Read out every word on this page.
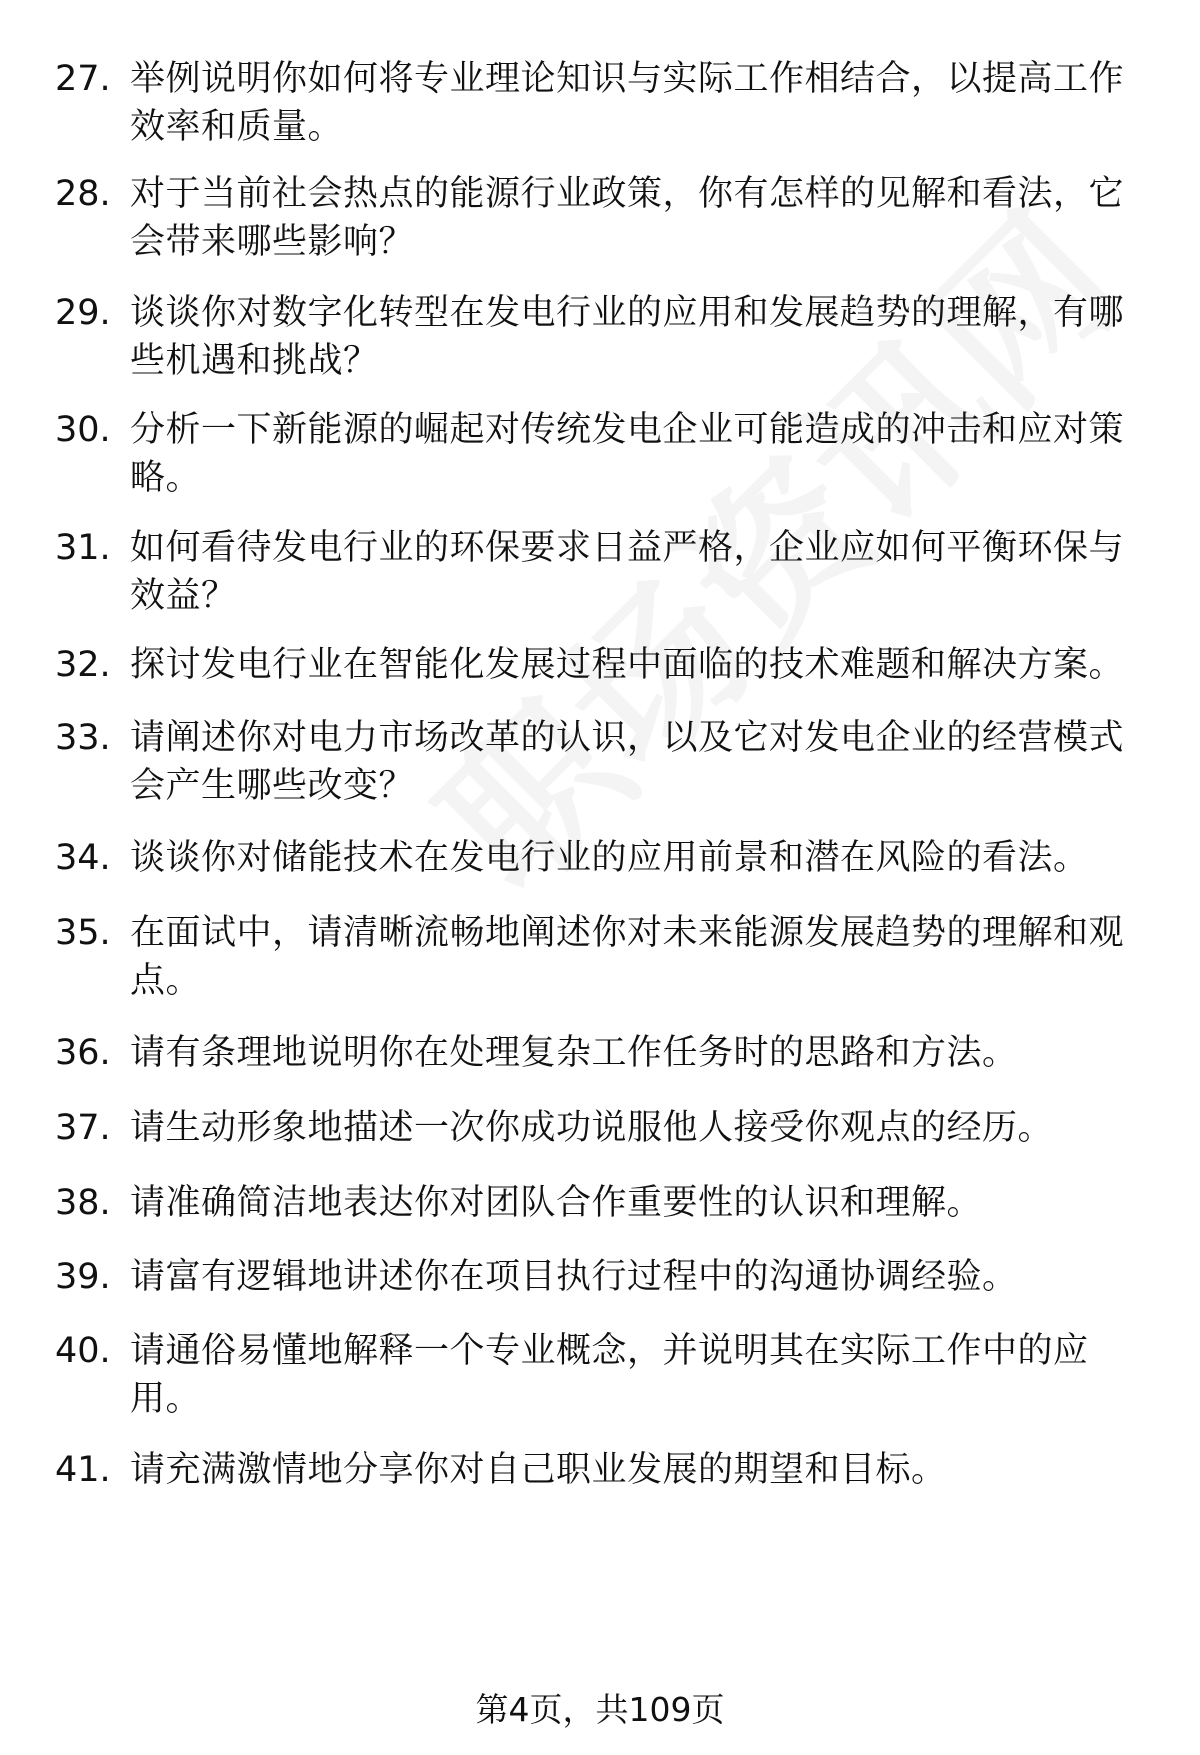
27. 举例说明你如何将专业理论知识与实际工作相结合，以提高工作效率和质量。
28. 对于当前社会热点的能源行业政策，你有怎样的见解和看法，它会带来哪些影响？
29. 谈谈你对数字化转型在发电行业的应用和发展趋势的理解，有哪些机遇和挑战？
30. 分析一下新能源的崛起对传统发电企业可能造成的冲击和应对策略。
31. 如何看待发电行业的环保要求日益严格，企业应如何平衡环保与效益？
32. 探讨发电行业在智能化发展过程中面临的技术难题和解决方案。
33. 请阐述你对电力市场改革的认识，以及它对发电企业的经营模式会产生哪些改变？
34. 谈谈你对储能技术在发电行业的应用前景和潜在风险的看法。
35. 在面试中，请清晰流畅地阐述你对未来能源发展趋势的理解和观点。
36. 请有条理地说明你在处理复杂工作任务时的思路和方法。
37. 请生动形象地描述一次你成功说服他人接受你观点的经历。
38. 请准确简洁地表达你对团队合作重要性的认识和理解。
39. 请富有逻辑地讲述你在项目执行过程中的沟通协调经验。
40. 请通俗易懂地解释一个专业概念，并说明其在实际工作中的应用。
41. 请充满激情地分享你对自己职业发展的期望和目标。
第4页，共109页
